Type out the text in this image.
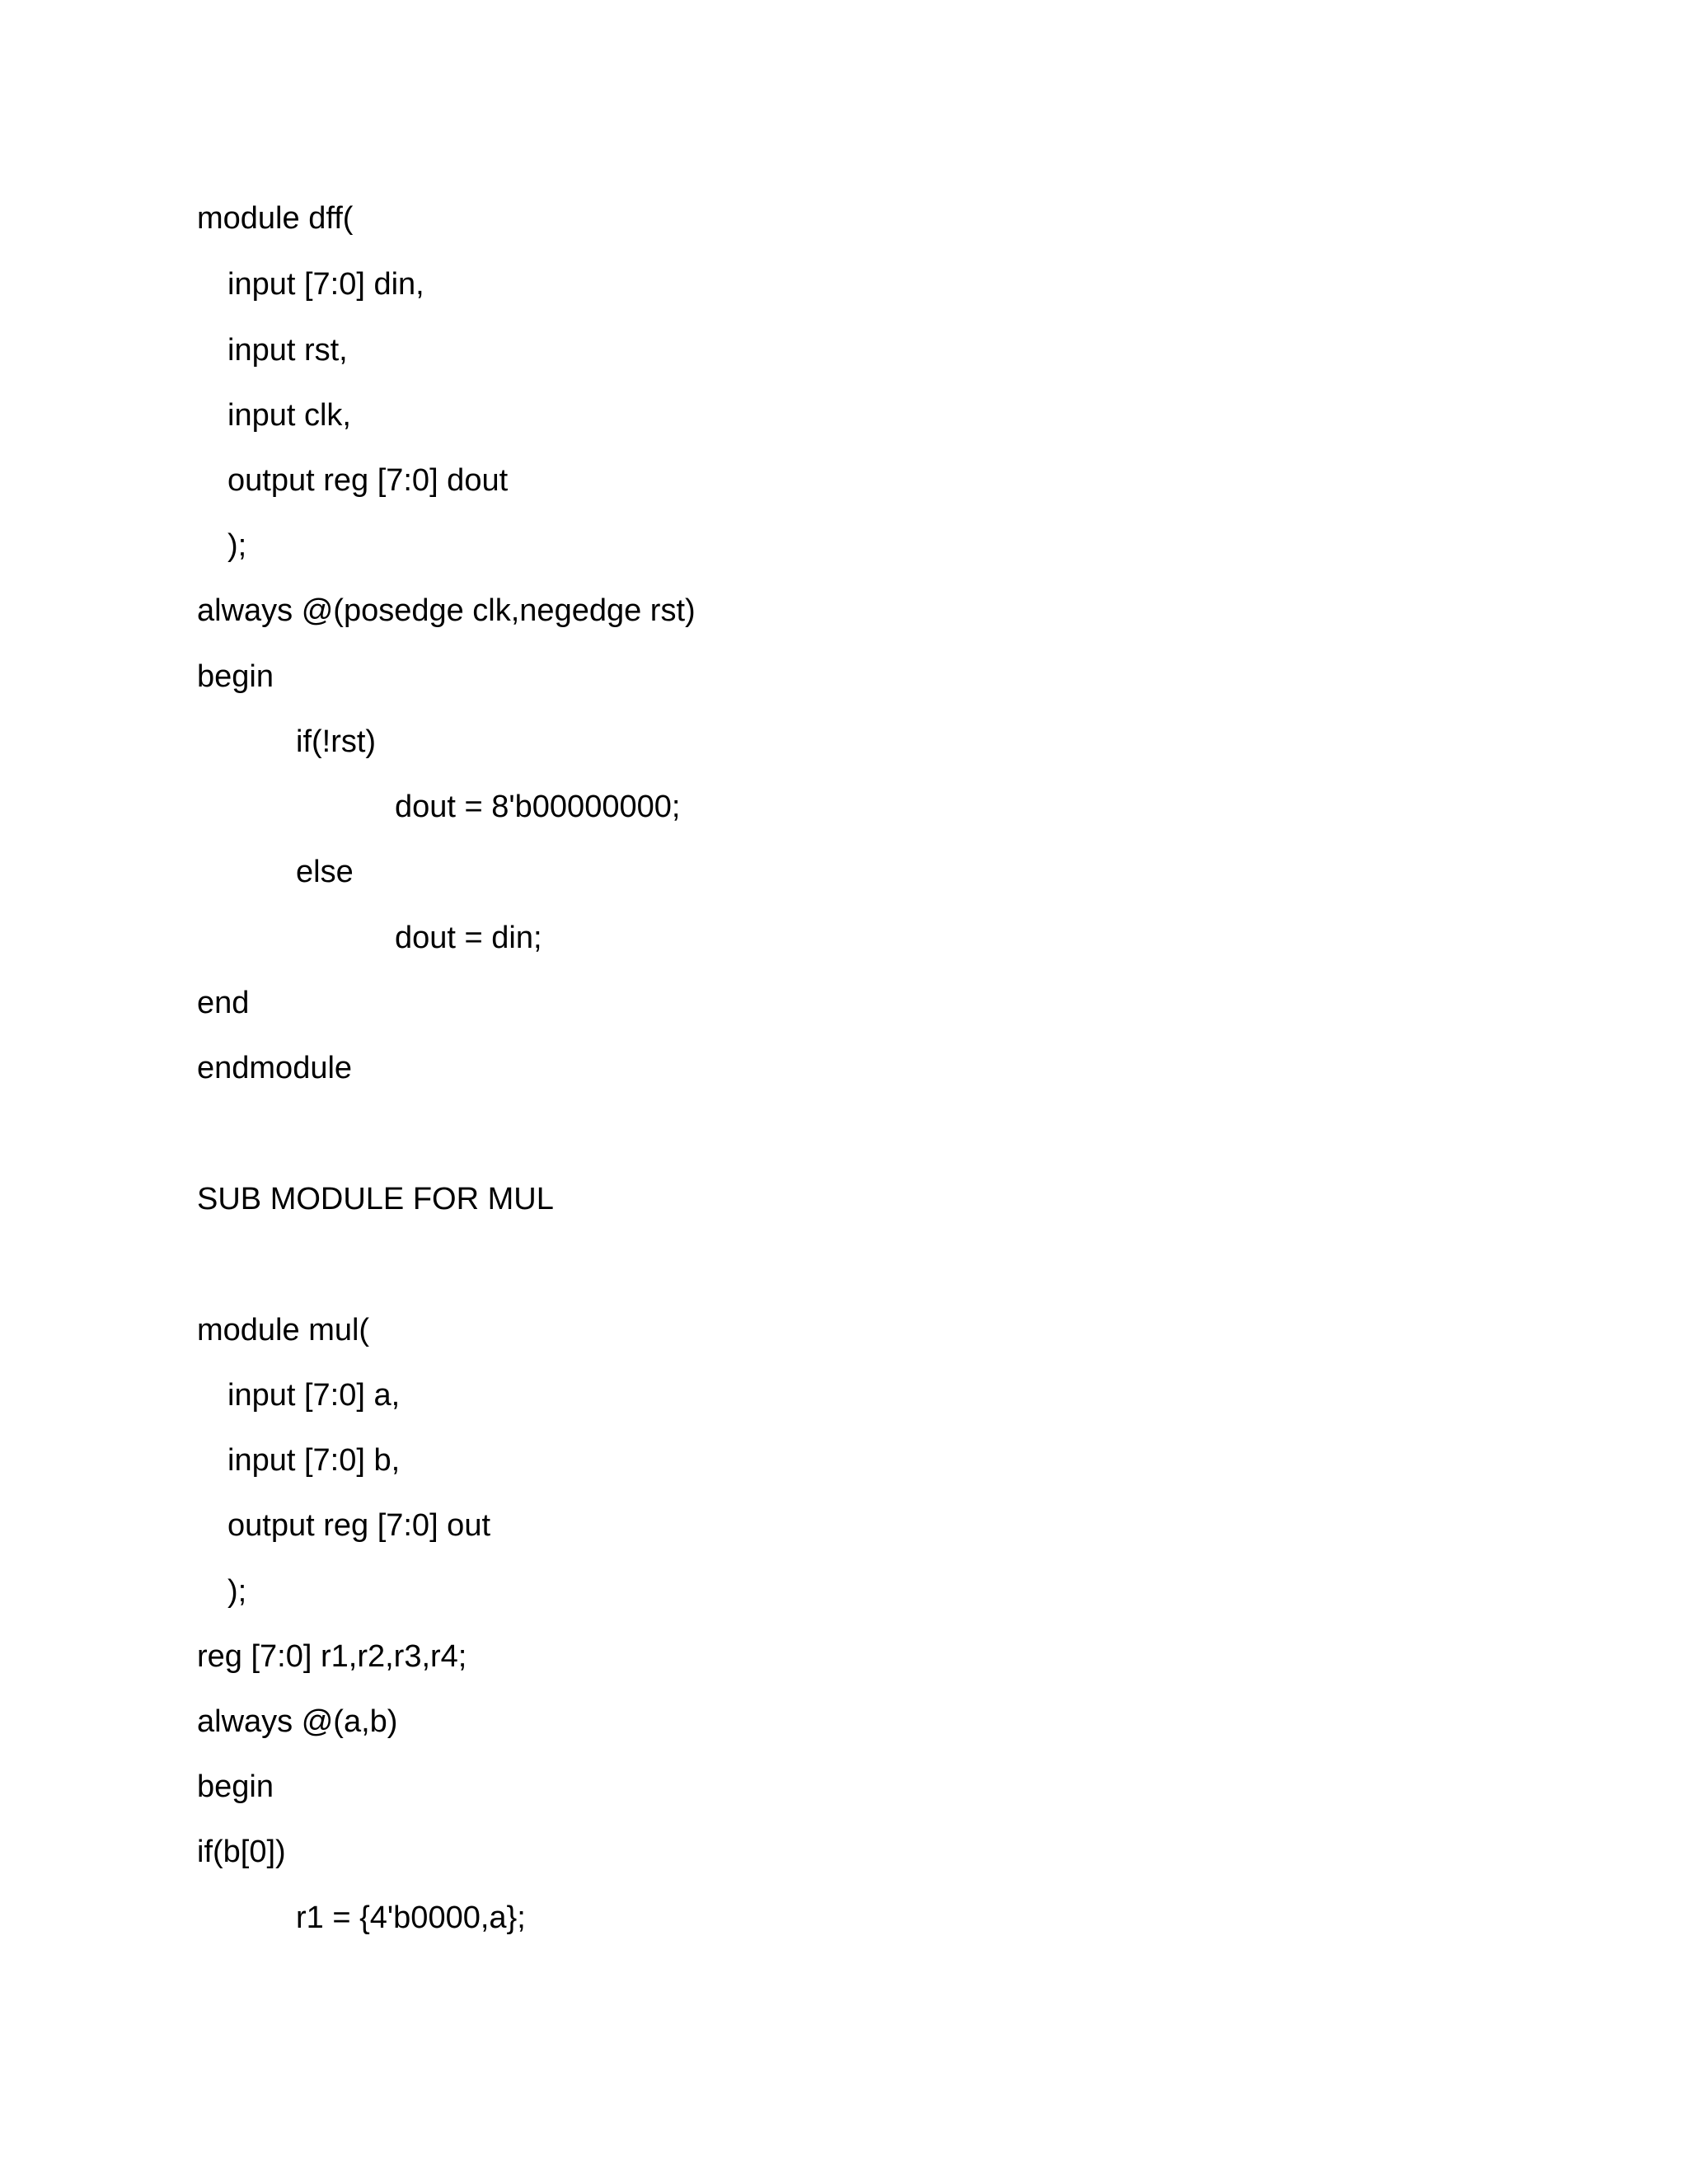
module dff(
input [7:0] din,
input rst,
input clk,
output reg [7:0] dout
);
always @(posedge clk,negedge rst)
begin
if(!rst)
dout = 8'b00000000;
else
dout = din;
end
endmodule
SUB MODULE FOR MUL
module mul(
input [7:0] a,
input [7:0] b,
output reg [7:0] out
);
reg [7:0] r1,r2,r3,r4;
always @(a,b)
begin
if(b[0])
r1 = {4'b0000,a};
